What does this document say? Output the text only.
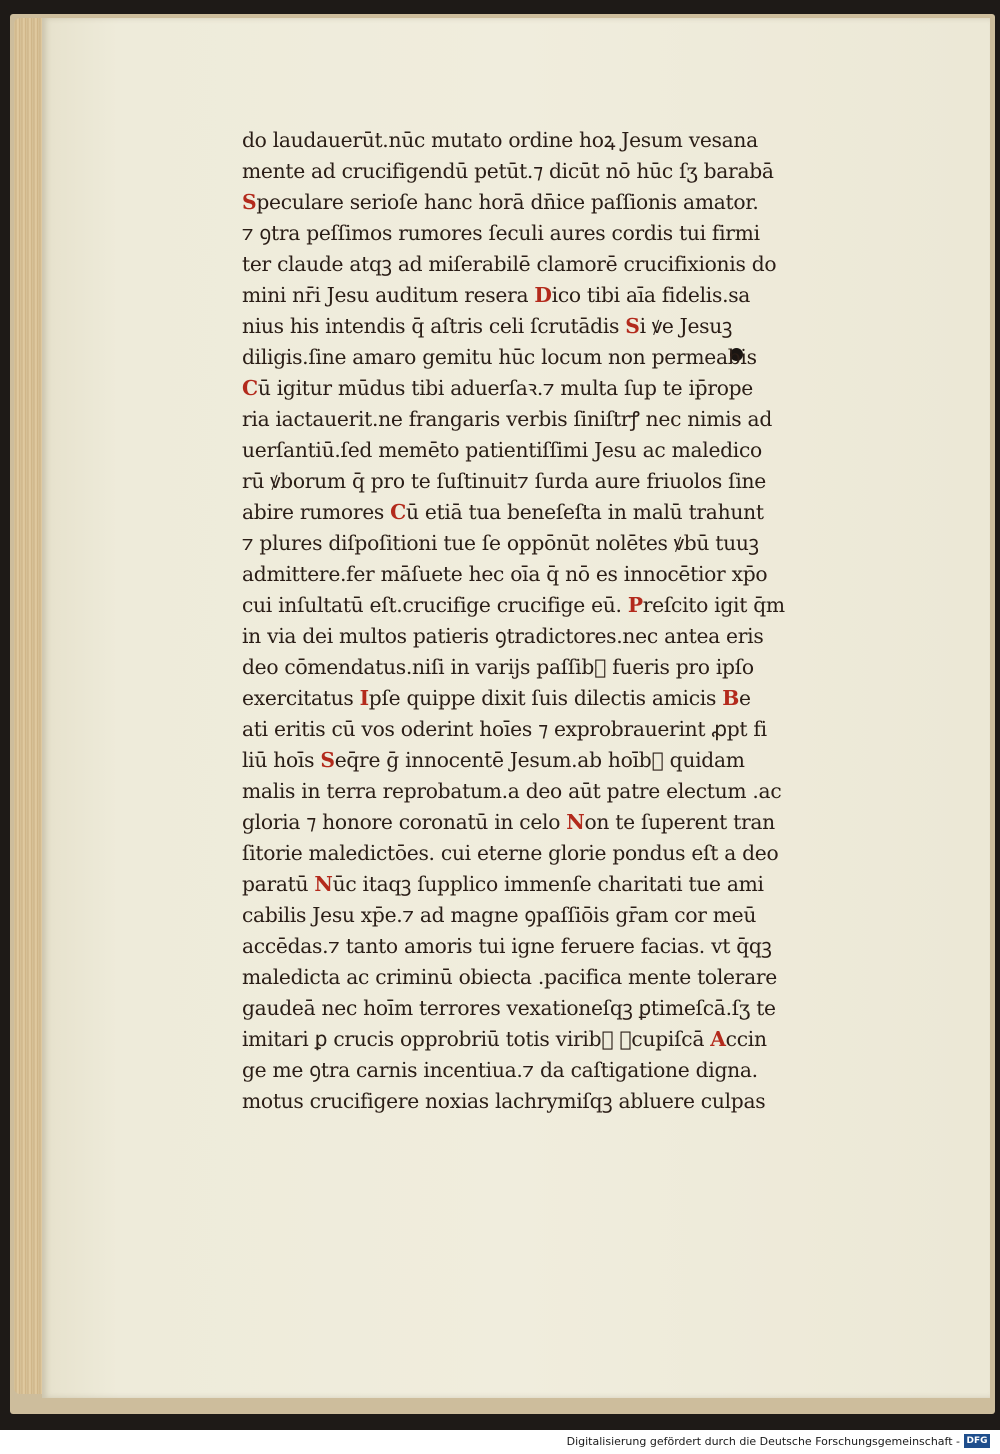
do laudauerūt.nūc mutato ordine hoꝝ Jesum vesana
mente ad crucifigendū petūt.⁊ dicūt nō hūc ſʒ barabā
Speculare serioſe hanc horā dn̄ice paſſionis amator.
⁊ ꝯtra peſſimos rumores ſeculi aures cordis tui firmi
ter claude atqꝫ ad miſerabilē clamorē crucifixionis do
mini nr̄i Jesu auditum resera Dico tibi aīa fidelis.sa
nius his intendis q̄ aſtris celi ſcrutādis Si ꝟe Jesuꝫ
diligis.ſine amaro gemitu hūc locum non permeabis
Cū igitur mūdus tibi aduerſaꝛ.⁊ multa ſup te ip̄rope
ria iactauerit.ne frangaris verbis ſiniſtrꝭ nec nimis ad
uerſantiū.ſed memēto patientiſſimi Jesu ac maledico
rū ꝟborum q̄ pro te ſuſtinuit⁊ ſurda aure friuolos ſine
abire rumores Cū etiā tua beneſeſta in malū trahunt
⁊ plures diſpoſitioni tue ſe oppōnūt nolētes ꝟbū tuuꝫ
admittere.fer māſuete hec oīa q̄ nō es innocētior xp̄o
cui inſultatū eſt.crucifige crucifige eū. Preſcito igit q̄m
in via dei multos patieris ꝯtradictores.nec antea eris
deo cōmendatus.niſi in varijs paſſib᷑ fueris pro ipſo
exercitatus Ipſe quippe dixit ſuis dilectis amicis Be
ati eritis cū vos oderint hoīes ⁊ exprobrauerint ꝓpt fi
liū hoīs Seq̄re ḡ innocentē Jesum.ab hoīb᷑ quidam
malis in terra reprobatum.a deo aūt patre electum .ac
gloria ⁊ honore coronatū in celo Non te ſuperent tran
ſitorie maledictōes. cui eterne glorie pondus eſt a deo
paratū Nūc itaqꝫ ſupplico immenſe charitati tue ami
cabilis Jesu xp̄e.⁊ ad magne ꝯpaſſiōis gr̄am cor meū
accēdas.⁊ tanto amoris tui igne feruere facias. vt q̄qꝫ
maledicta ac criminū obiecta .pacifica mente tolerare
gaudeā nec hoīm terrores vexationeſqꝫ ꝑtimeſcā.ſʒ te
imitari ꝑ crucis opprobriū totis virib᷑ ꝯcupiſcā Accin
ge me ꝯtra carnis incentiua.⁊ da caſtigatione digna.
motus crucifigere noxias lachrymiſqꝫ abluere culpas
Digitalisierung gefördert durch die Deutsche Forschungsgemeinschaft - DFG
